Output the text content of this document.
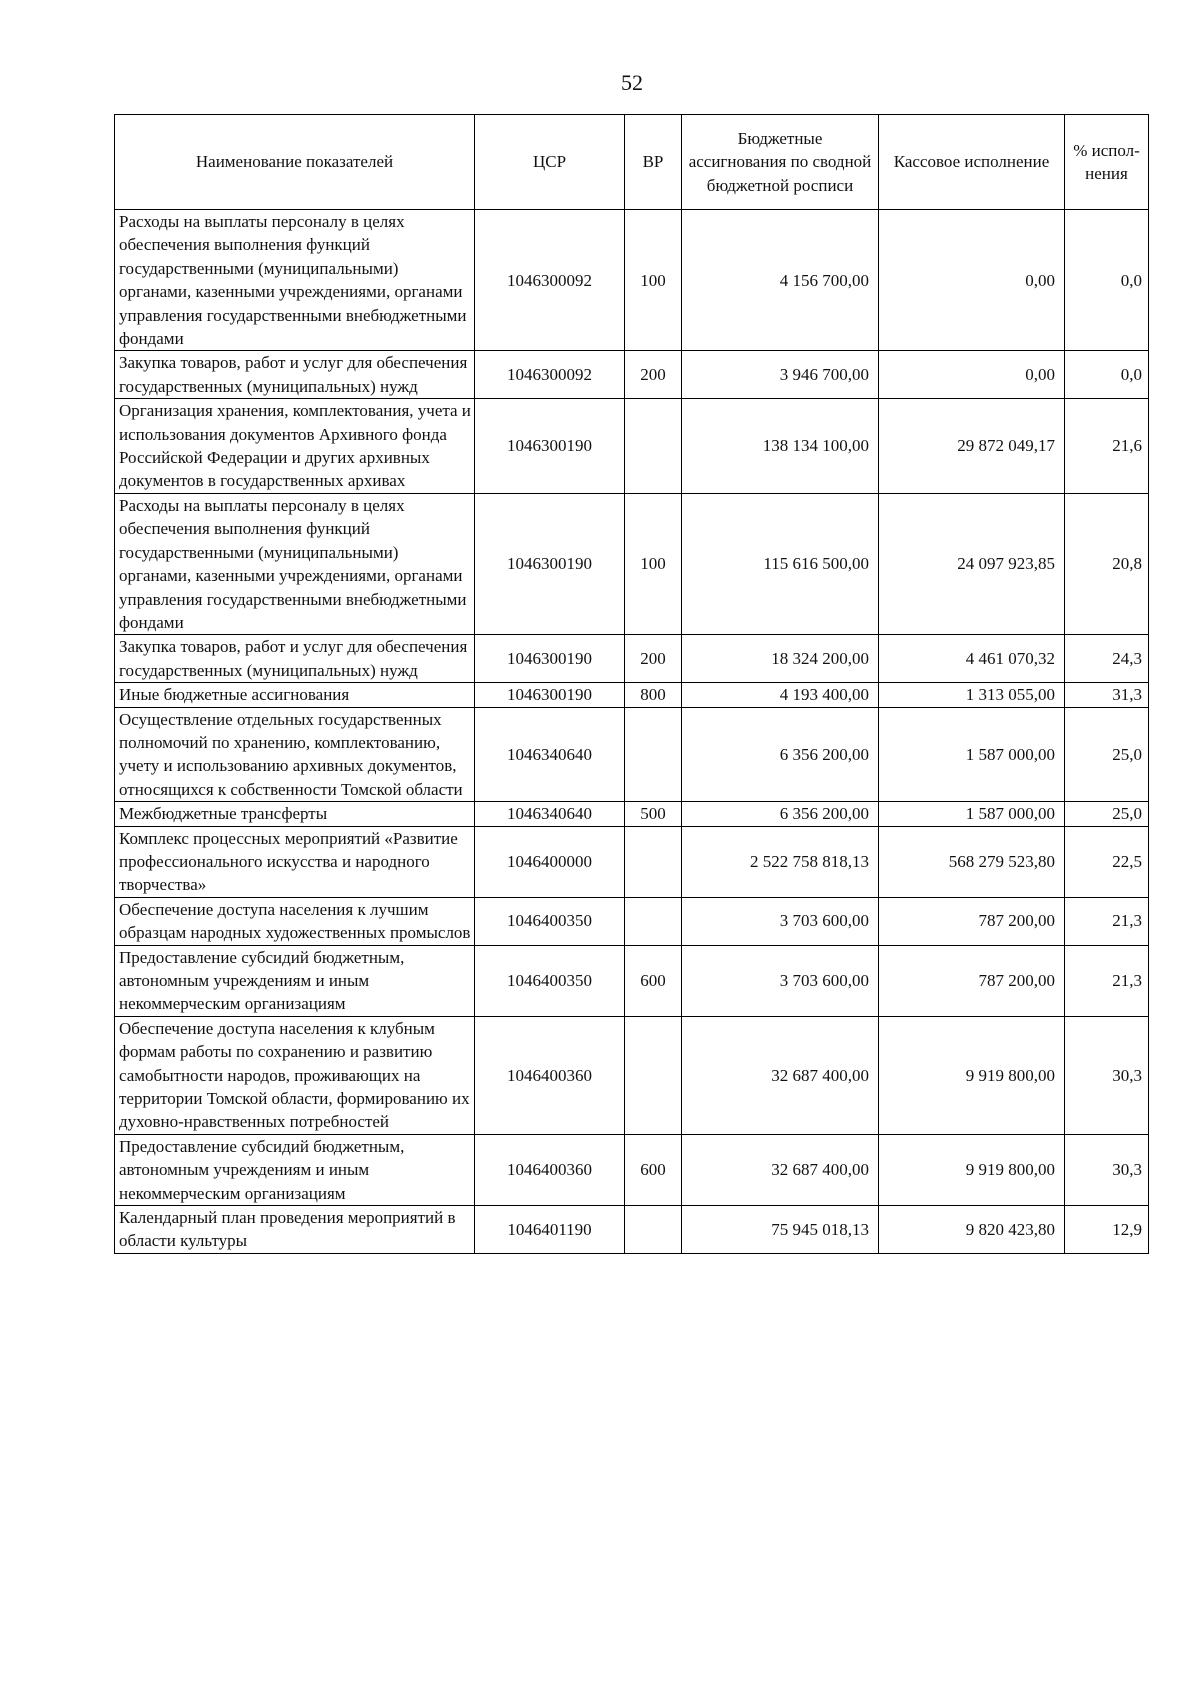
52
Наименование показателей	ЦСР	ВР	Бюджетные ассигнования по сводной бюджетной росписи	Кассовое исполнение	% испол-нения
Расходы на выплаты персоналу в целях обеспечения выполнения функций государственными (муниципальными) органами, казенными учреждениями, органами управления государственными внебюджетными фондами	1046300092	100	4 156 700,00	0,00	0,0
Закупка товаров, работ и услуг для обеспечения государственных (муниципальных) нужд	1046300092	200	3 946 700,00	0,00	0,0
Организация хранения, комплектования, учета и использования документов Архивного фонда Российской Федерации и других архивных документов в государственных архивах	1046300190		138 134 100,00	29 872 049,17	21,6
Расходы на выплаты персоналу в целях обеспечения выполнения функций государственными (муниципальными) органами, казенными учреждениями, органами управления государственными внебюджетными фондами	1046300190	100	115 616 500,00	24 097 923,85	20,8
Закупка товаров, работ и услуг для обеспечения государственных (муниципальных) нужд	1046300190	200	18 324 200,00	4 461 070,32	24,3
Иные бюджетные ассигнования	1046300190	800	4 193 400,00	1 313 055,00	31,3
Осуществление отдельных государственных полномочий по хранению, комплектованию, учету и использованию архивных документов, относящихся к собственности Томской области	1046340640		6 356 200,00	1 587 000,00	25,0
Межбюджетные трансферты	1046340640	500	6 356 200,00	1 587 000,00	25,0
Комплекс процессных мероприятий «Развитие профессионального искусства и народного творчества»	1046400000		2 522 758 818,13	568 279 523,80	22,5
Обеспечение доступа населения к лучшим образцам народных художественных промыслов	1046400350		3 703 600,00	787 200,00	21,3
Предоставление субсидий бюджетным, автономным учреждениям и иным некоммерческим организациям	1046400350	600	3 703 600,00	787 200,00	21,3
Обеспечение доступа населения к клубным формам работы по сохранению и развитию самобытности народов, проживающих на территории Томской области, формированию их духовно-нравственных потребностей	1046400360		32 687 400,00	9 919 800,00	30,3
Предоставление субсидий бюджетным, автономным учреждениям и иным некоммерческим организациям	1046400360	600	32 687 400,00	9 919 800,00	30,3
Календарный план проведения мероприятий в области культуры	1046401190		75 945 018,13	9 820 423,80	12,9
